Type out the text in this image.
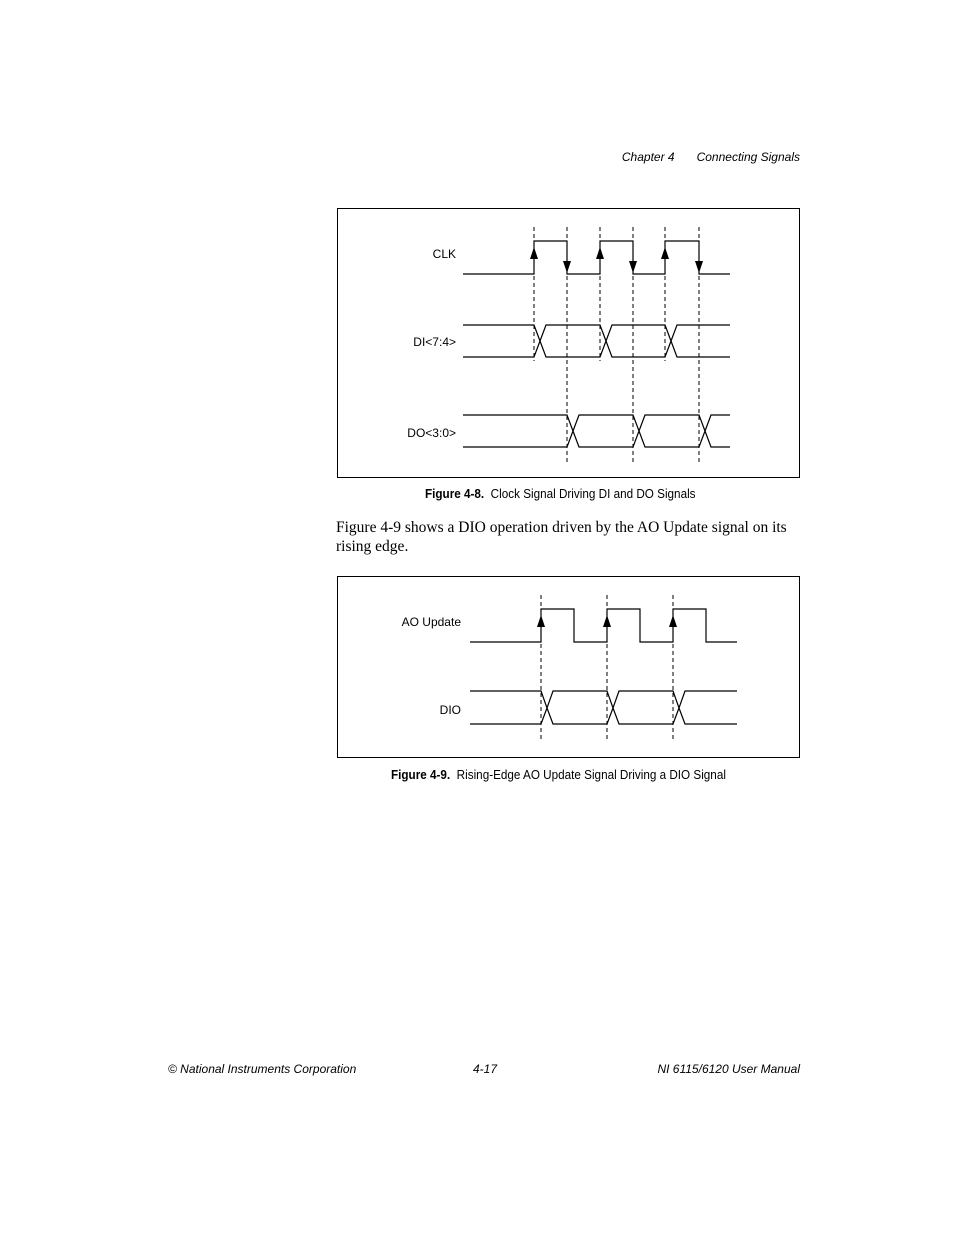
Chapter 4 Connecting Signals
CLK
DI<7:4>
DO<3:0>
Figure 4-8. Clock Signal Driving DI and DO Signals
Figure 4-9 shows a DIO operation driven by the AO Update signal on its rising edge.
AO Update
DIO
Figure 4-9. Rising-Edge AO Update Signal Driving a DIO Signal
© National Instruments Corporation	4-17	NI 6115/6120 User Manual
